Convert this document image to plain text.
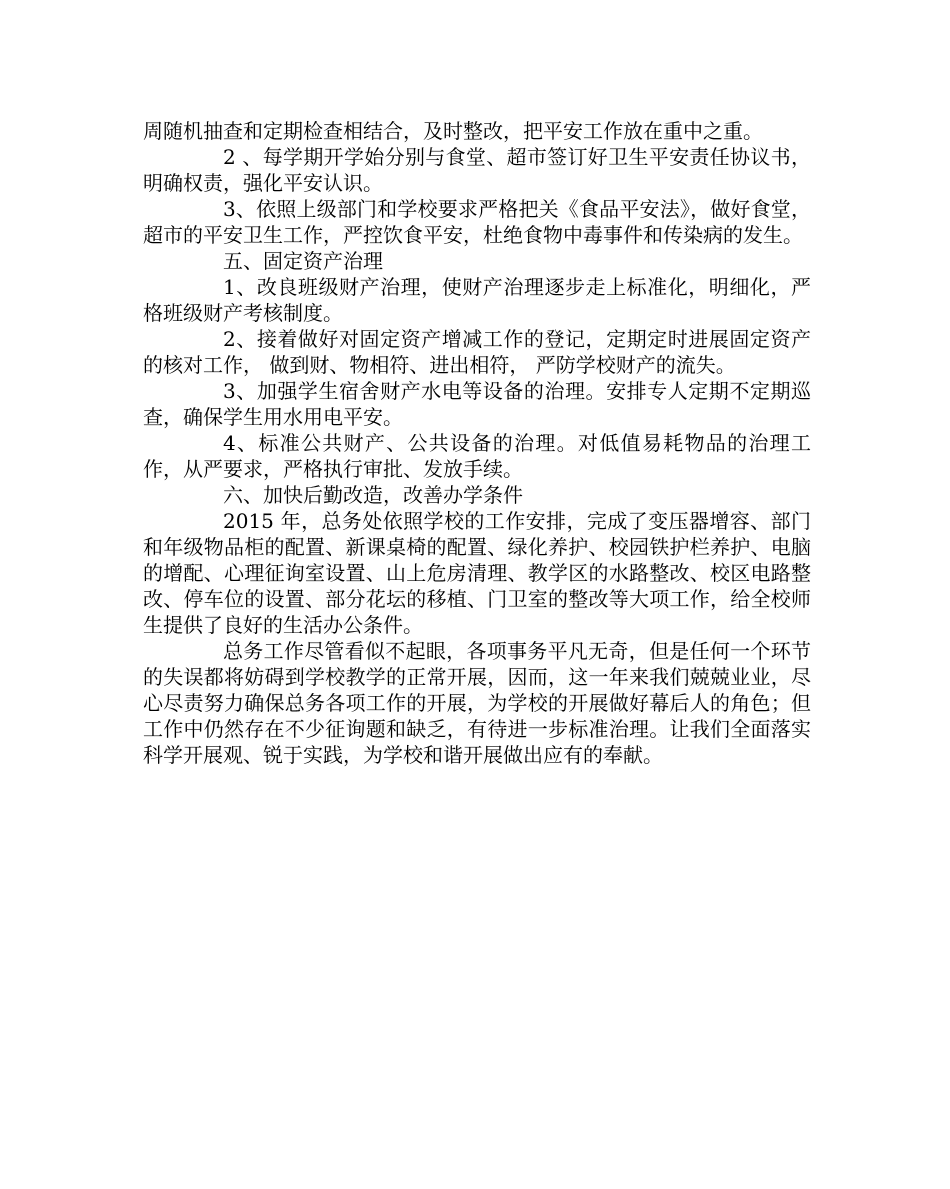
周随机抽查和定期检查相结合，及时整改，把平安工作放在重中之重。

2 、每学期开学始分别与食堂、超市签订好卫生平安责任协议书，明确权责，强化平安认识。

3、依照上级部门和学校要求严格把关《食品平安法》，做好食堂，超市的平安卫生工作，严控饮食平安，杜绝食物中毒事件和传染病的发生。

五、固定资产治理

1、改良班级财产治理，使财产治理逐步走上标准化，明细化，严格班级财产考核制度。

2、接着做好对固定资产增减工作的登记，定期定时进展固定资产的核对工作， 做到财、物相符、进出相符， 严防学校财产的流失。

3、加强学生宿舍财产水电等设备的治理。安排专人定期不定期巡查，确保学生用水用电平安。

4、标准公共财产、公共设备的治理。对低值易耗物品的治理工作，从严要求，严格执行审批、发放手续。

六、加快后勤改造，改善办学条件

2015 年，总务处依照学校的工作安排，完成了变压器增容、部门和年级物品柜的配置、新课桌椅的配置、绿化养护、校园铁护栏养护、电脑的增配、心理征询室设置、山上危房清理、教学区的水路整改、校区电路整改、停车位的设置、部分花坛的移植、门卫室的整改等大项工作，给全校师生提供了良好的生活办公条件。

总务工作尽管看似不起眼，各项事务平凡无奇，但是任何一个环节的失误都将妨碍到学校教学的正常开展，因而，这一年来我们兢兢业业，尽心尽责努力确保总务各项工作的开展，为学校的开展做好幕后人的角色；但工作中仍然存在不少征询题和缺乏，有待进一步标准治理。让我们全面落实科学开展观、锐于实践，为学校和谐开展做出应有的奉献。
